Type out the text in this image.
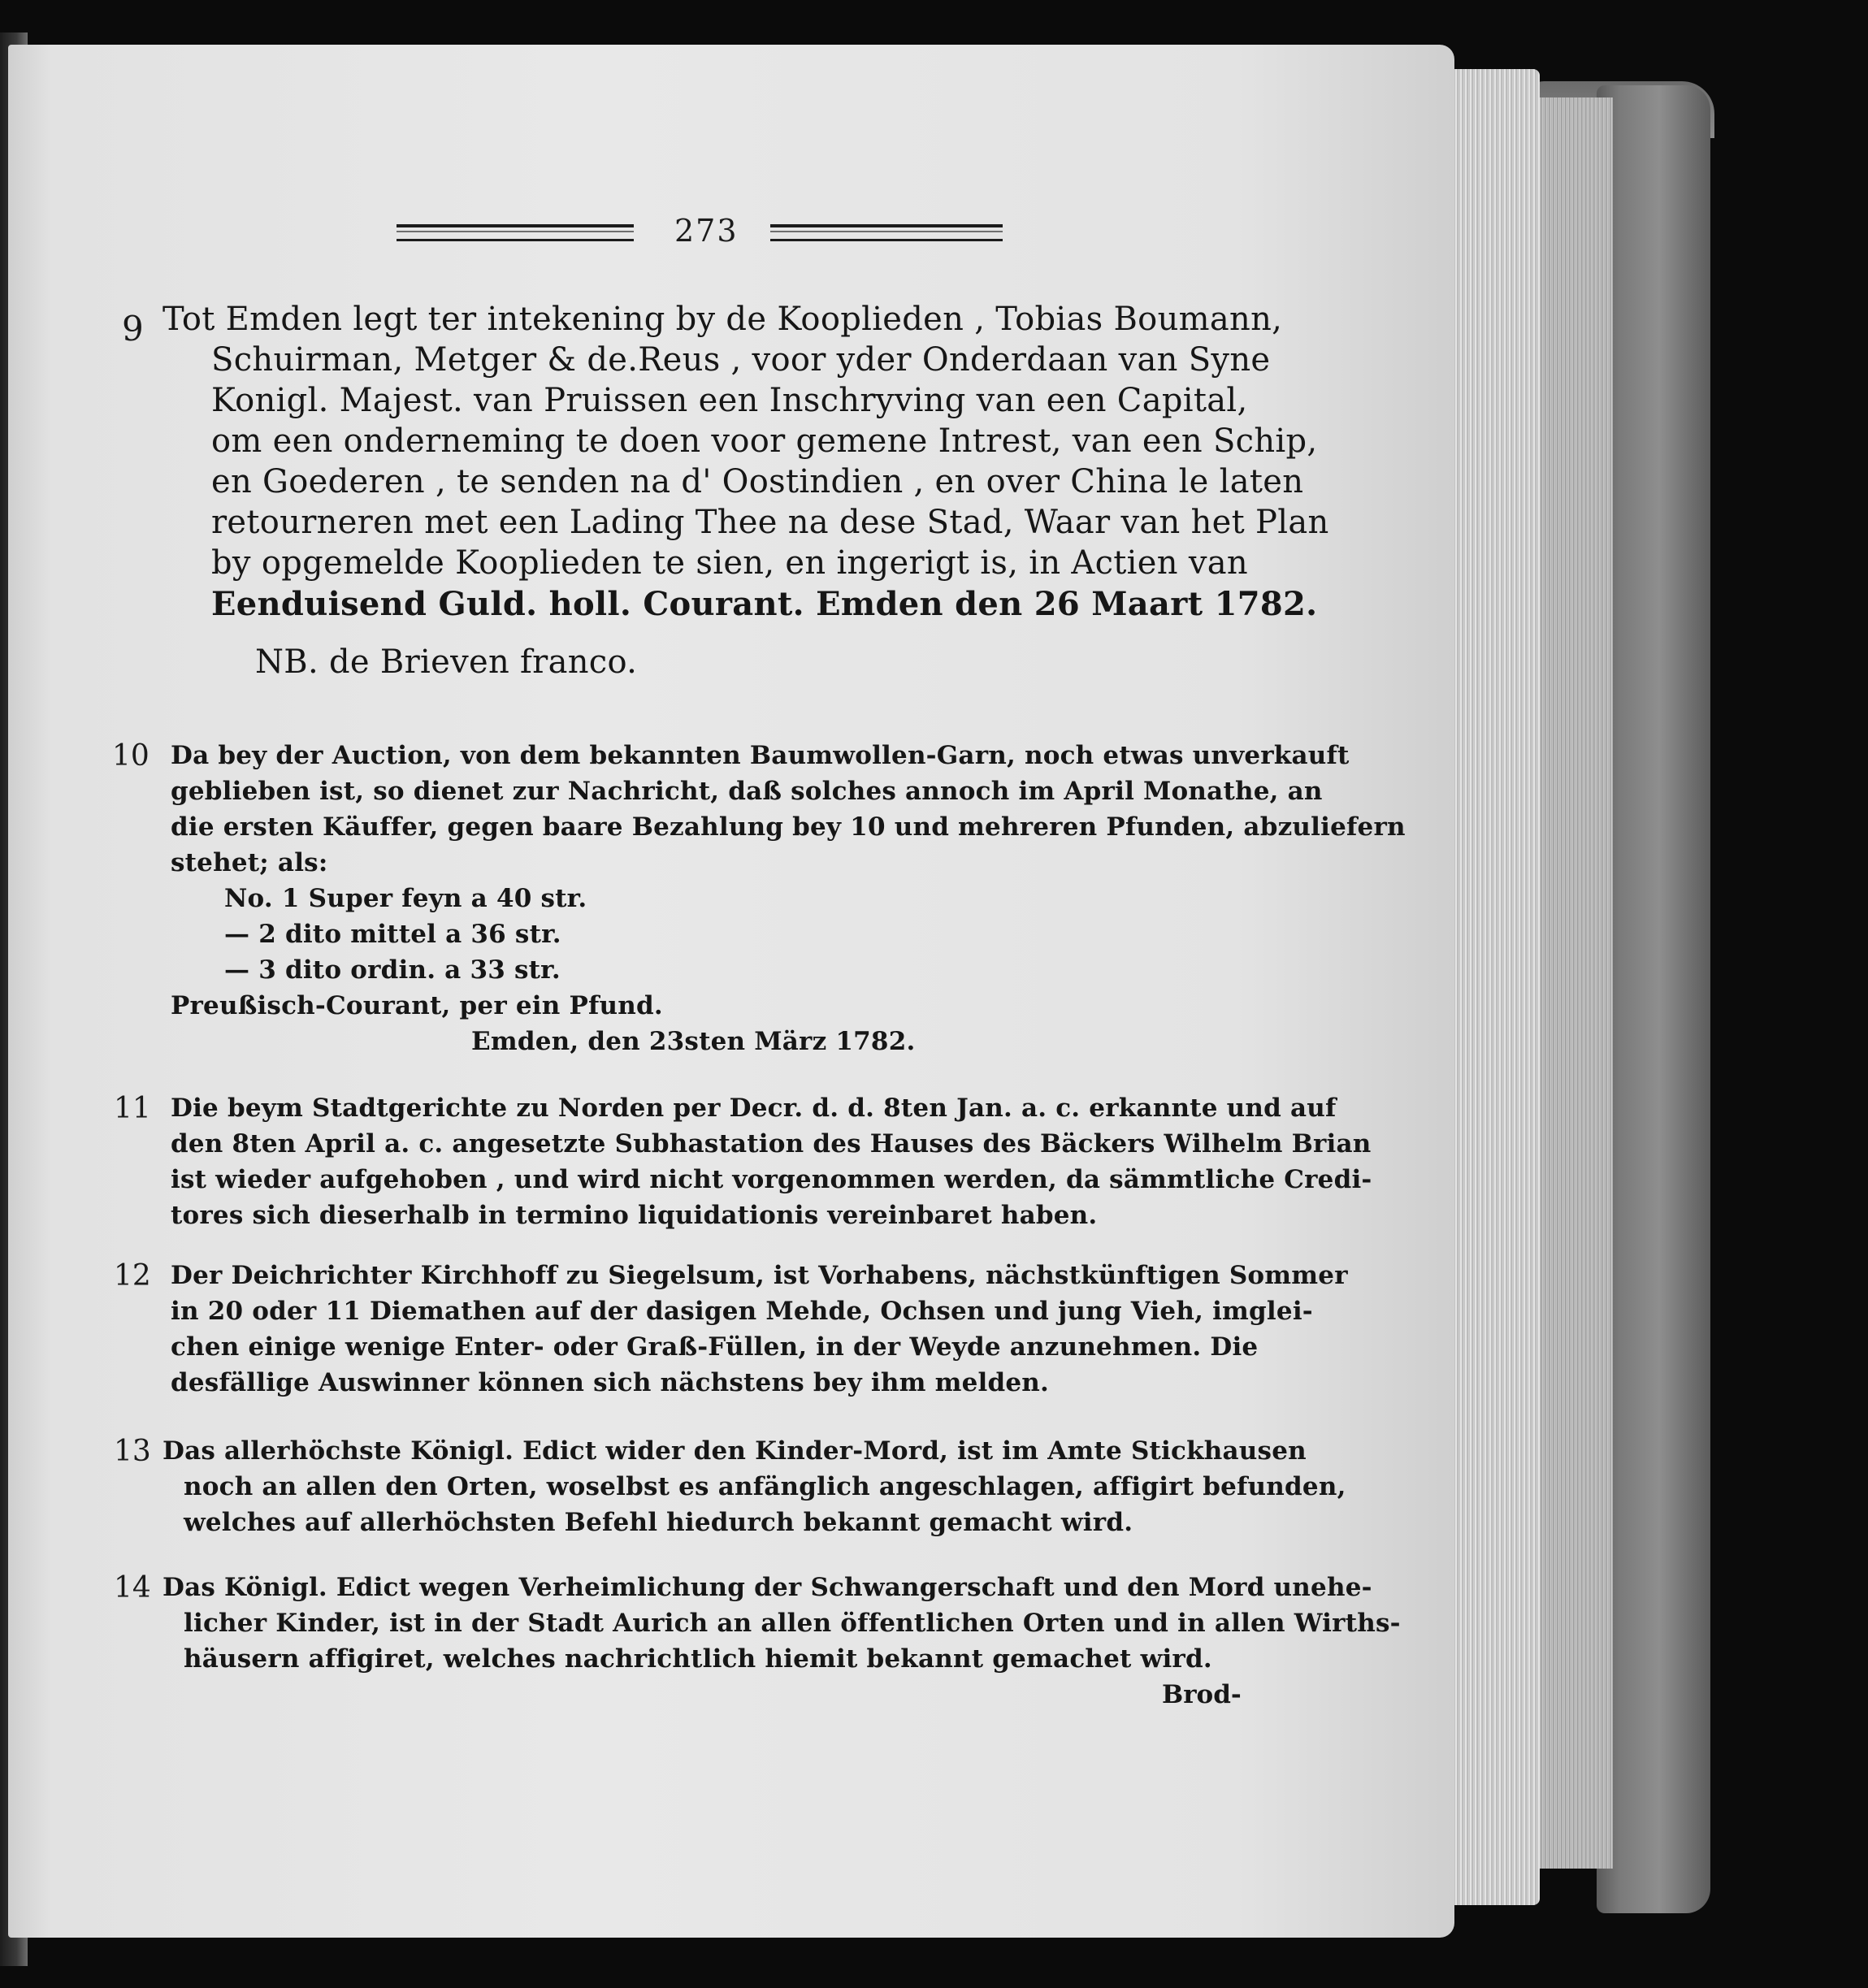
273
9 Tot Emden legt ter intekening by de Kooplieden , Tobias Boumann,
Schuirman, Metger & de.Reus , voor yder Onderdaan van Syne
Konigl. Majest. van Pruissen een Inschryving van een Capital,
om een onderneming te doen voor gemene Intrest, van een Schip,
en Goederen , te senden na d' Oostindien , en over China le laten
retourneren met een Lading Thee na dese Stad, Waar van het Plan
by opgemelde Kooplieden te sien, en ingerigt is, in Actien van
Eenduisend Guld. holl. Courant. Emden den 26 Maart 1782.
NB. de Brieven franco.
10 Da bey der Auction, von dem bekannten Baumwollen-Garn, noch etwas unverkauft
geblieben ist, so dienet zur Nachricht, daß solches annoch im April Monathe, an
die ersten Käuffer, gegen baare Bezahlung bey 10 und mehreren Pfunden, abzuliefern
stehet; als:
No. 1 Super feyn a 40 str.
— 2 dito mittel a 36 str.
— 3 dito ordin. a 33 str.
Preußisch-Courant, per ein Pfund.
Emden, den 23sten März 1782.
11 Die beym Stadtgerichte zu Norden per Decr. d. d. 8ten Jan. a. c. erkannte und auf
den 8ten April a. c. angesetzte Subhastation des Hauses des Bäckers Wilhelm Brian
ist wieder aufgehoben , und wird nicht vorgenommen werden, da sämmtliche Credi-
tores sich dieserhalb in termino liquidationis vereinbaret haben.
12 Der Deichrichter Kirchhoff zu Siegelsum, ist Vorhabens, nächstkünftigen Sommer
in 20 oder 11 Diemathen auf der dasigen Mehde, Ochsen und jung Vieh, imglei-
chen einige wenige Enter- oder Graß-Füllen, in der Weyde anzunehmen. Die
desfällige Auswinner können sich nächstens bey ihm melden.
13 Das allerhöchste Königl. Edict wider den Kinder-Mord, ist im Amte Stickhausen
noch an allen den Orten, woselbst es anfänglich angeschlagen, affigirt befunden,
welches auf allerhöchsten Befehl hiedurch bekannt gemacht wird.
14 Das Königl. Edict wegen Verheimlichung der Schwangerschaft und den Mord unehe-
licher Kinder, ist in der Stadt Aurich an allen öffentlichen Orten und in allen Wirths-
häusern affigiret, welches nachrichtlich hiemit bekannt gemachet wird.
Brod-
